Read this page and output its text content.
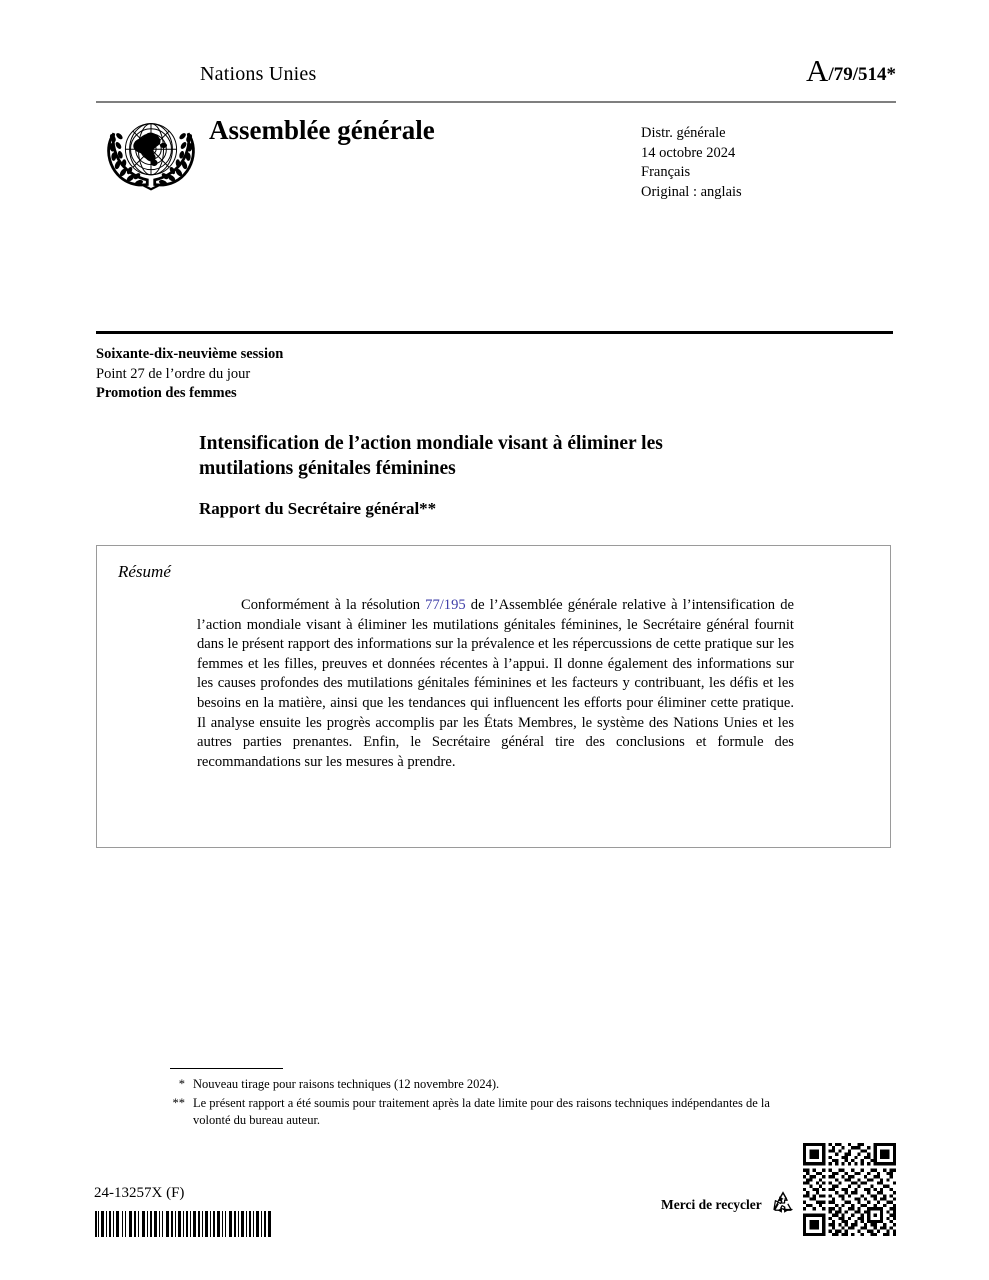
Nations Unies	A/79/514*
Assemblée générale	Distr. générale
14 octobre 2024
Français
Original : anglais
Soixante-dix-neuvième session
Point 27 de l’ordre du jour
Promotion des femmes
Intensification de l’action mondiale visant à éliminer les mutilations génitales féminines
Rapport du Secrétaire général**
Résumé
Conformément à la résolution 77/195 de l’Assemblée générale relative à l’intensification de l’action mondiale visant à éliminer les mutilations génitales féminines, le Secrétaire général fournit dans le présent rapport des informations sur la prévalence et les répercussions de cette pratique sur les femmes et les filles, preuves et données récentes à l’appui. Il donne également des informations sur les causes profondes des mutilations génitales féminines et les facteurs y contribuant, les défis et les besoins en la matière, ainsi que les tendances qui influencent les efforts pour éliminer cette pratique. Il analyse ensuite les progrès accomplis par les États Membres, le système des Nations Unies et les autres parties prenantes. Enfin, le Secrétaire général tire des conclusions et formule des recommandations sur les mesures à prendre.
* Nouveau tirage pour raisons techniques (12 novembre 2024).
** Le présent rapport a été soumis pour traitement après la date limite pour des raisons techniques indépendantes de la volonté du bureau auteur.
24-13257X (F)
Merci de recycler
